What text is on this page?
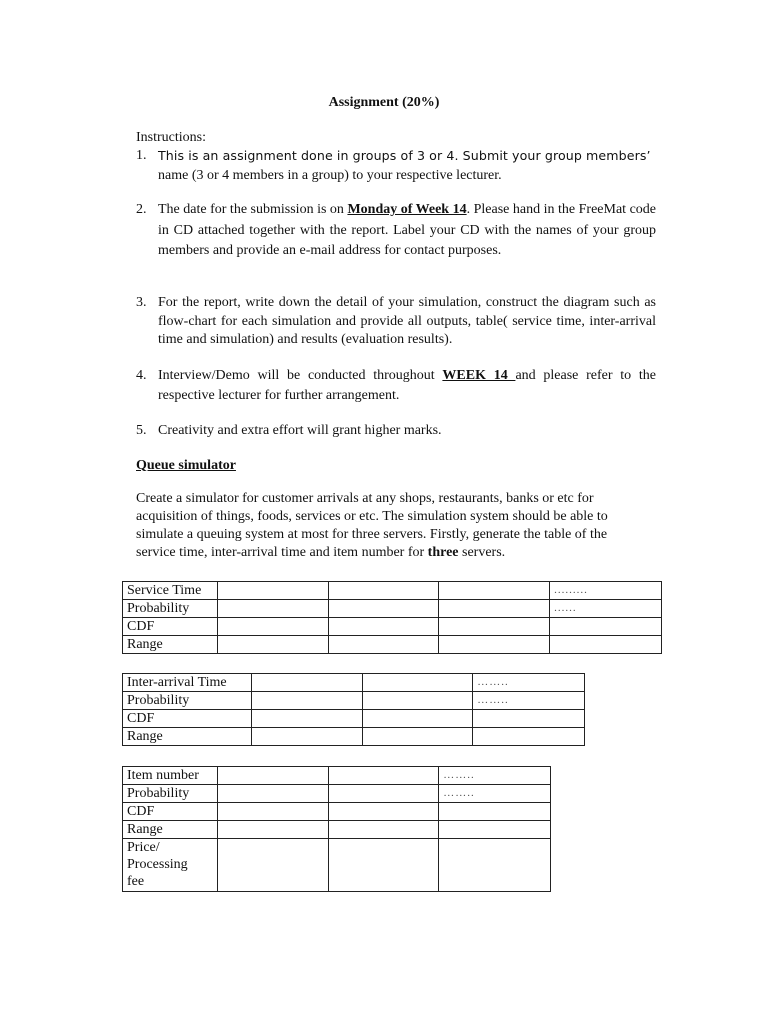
Assignment (20%)
Instructions:
1. This is an assignment done in groups of 3 or 4. Submit your group members’
name (3 or 4 members in a group) to your respective lecturer.
2. The date for the submission is on Monday of Week 14. Please hand in the FreeMat code in CD attached together with the report. Label your CD with the names of your group members and provide an e-mail address for contact purposes.
3. For the report, write down the detail of your simulation, construct the diagram such as flow-chart for each simulation and provide all outputs, table( service time, inter-arrival time and simulation) and results (evaluation results).
4. Interview/Demo will be conducted throughout WEEK 14 and please refer to the respective lecturer for further arrangement.
5. Creativity and extra effort will grant higher marks.
Queue simulator
Create a simulator for customer arrivals at any shops, restaurants, banks or etc for acquisition of things, foods, services or etc. The simulation system should be able to simulate a queuing system at most for three servers. Firstly, generate the table of the service time, inter-arrival time and item number for three servers.
Service Time				.........
Probability				......
CDF				
Range				
Inter-arrival Time			……..
Probability			……..
CDF			
Range			
Item number			……..
Probability			……..
CDF			
Range			

Price/
Processing
fee			
